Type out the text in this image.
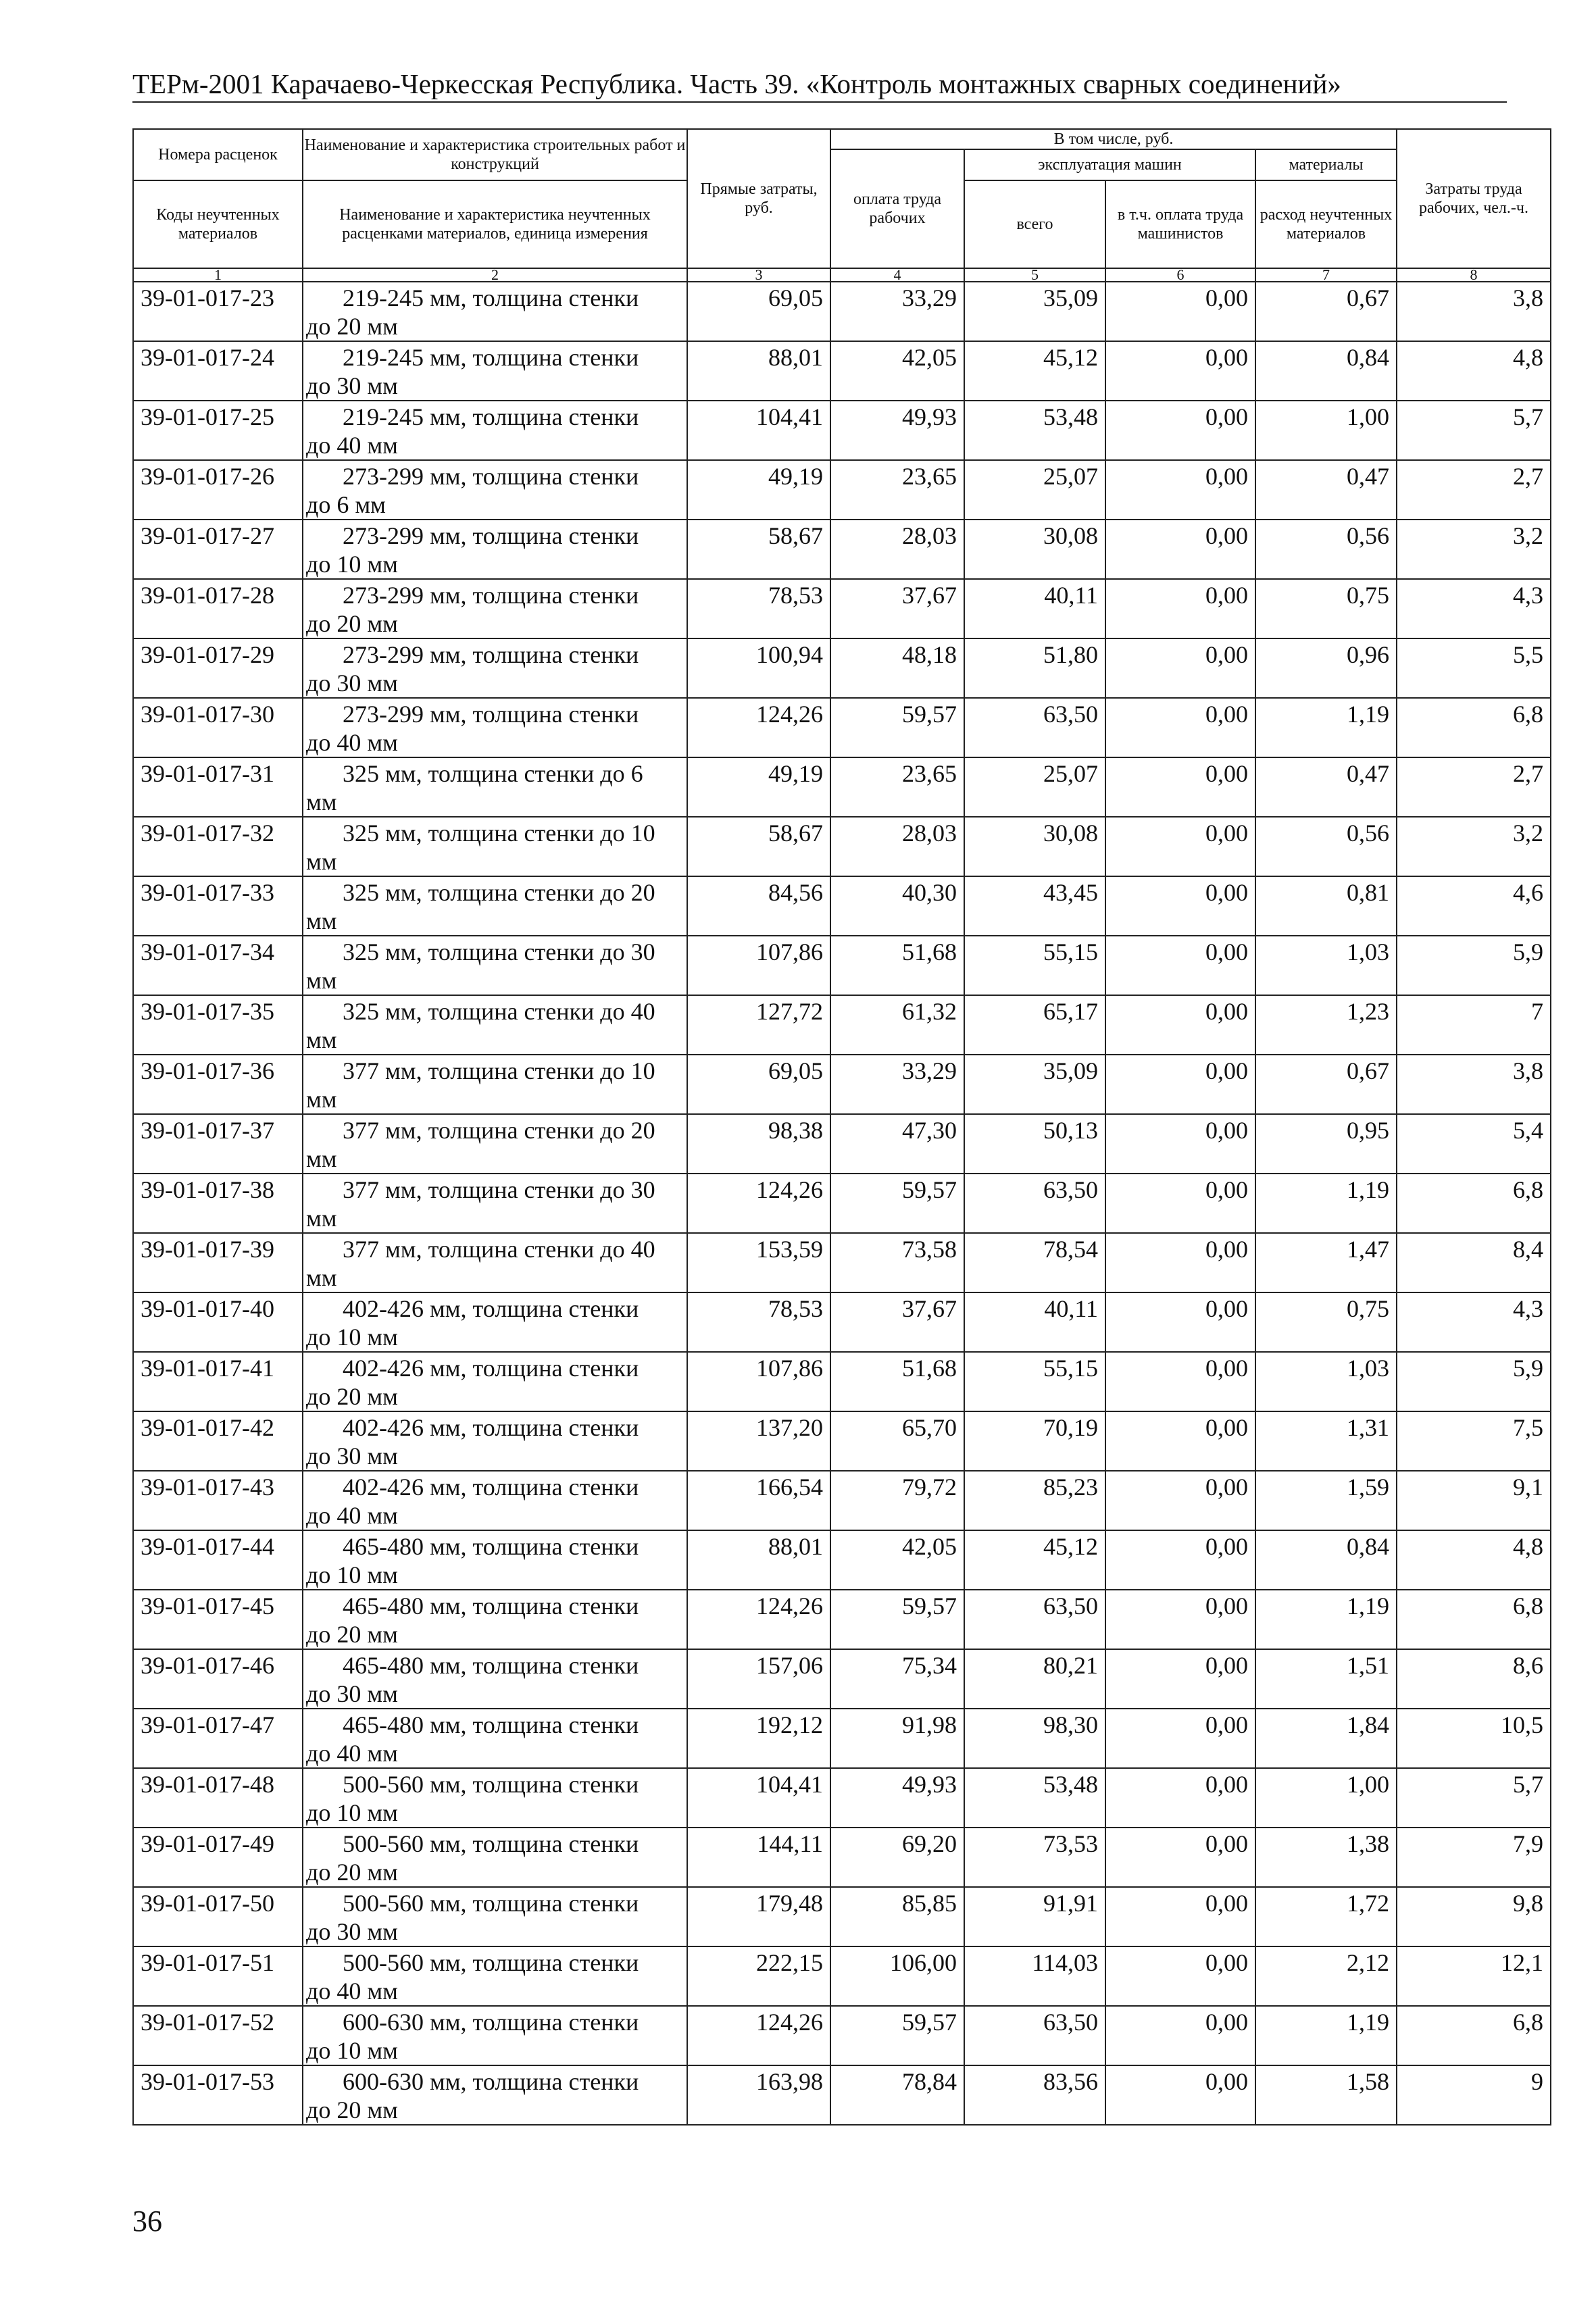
ТЕРм-2001 Карачаево-Черкесская Республика. Часть 39. «Контроль монтажных сварных соединений»
Номера расценок	Наименование и характеристика строительных работ и конструкций	Прямые затраты, руб.	В том числе, руб.				Затраты труда рабочих, чел.-ч.
			оплата труда рабочих	эксплуатация машин		материалы	
Коды неучтенных материалов	Наименование и характеристика неучтенных расценками материалов, единица измерения			всего	в т.ч. оплата труда машинистов	расход неучтенных материалов	
1	2	3	4	5	6	7	8
39-01-017-23	219-245 мм, толщина стенки
до 20 мм	69,05	33,29	35,09	0,00	0,67	3,8
39-01-017-24	219-245 мм, толщина стенки
до 30 мм	88,01	42,05	45,12	0,00	0,84	4,8
39-01-017-25	219-245 мм, толщина стенки
до 40 мм	104,41	49,93	53,48	0,00	1,00	5,7
39-01-017-26	273-299 мм, толщина стенки
до 6 мм	49,19	23,65	25,07	0,00	0,47	2,7
39-01-017-27	273-299 мм, толщина стенки
до 10 мм	58,67	28,03	30,08	0,00	0,56	3,2
39-01-017-28	273-299 мм, толщина стенки
до 20 мм	78,53	37,67	40,11	0,00	0,75	4,3
39-01-017-29	273-299 мм, толщина стенки
до 30 мм	100,94	48,18	51,80	0,00	0,96	5,5
39-01-017-30	273-299 мм, толщина стенки
до 40 мм	124,26	59,57	63,50	0,00	1,19	6,8
39-01-017-31	325 мм, толщина стенки до 6
мм	49,19	23,65	25,07	0,00	0,47	2,7
39-01-017-32	325 мм, толщина стенки до 10
мм	58,67	28,03	30,08	0,00	0,56	3,2
39-01-017-33	325 мм, толщина стенки до 20
мм	84,56	40,30	43,45	0,00	0,81	4,6
39-01-017-34	325 мм, толщина стенки до 30
мм	107,86	51,68	55,15	0,00	1,03	5,9
39-01-017-35	325 мм, толщина стенки до 40
мм	127,72	61,32	65,17	0,00	1,23	7
39-01-017-36	377 мм, толщина стенки до 10
мм	69,05	33,29	35,09	0,00	0,67	3,8
39-01-017-37	377 мм, толщина стенки до 20
мм	98,38	47,30	50,13	0,00	0,95	5,4
39-01-017-38	377 мм, толщина стенки до 30
мм	124,26	59,57	63,50	0,00	1,19	6,8
39-01-017-39	377 мм, толщина стенки до 40
мм	153,59	73,58	78,54	0,00	1,47	8,4
39-01-017-40	402-426 мм, толщина стенки
до 10 мм	78,53	37,67	40,11	0,00	0,75	4,3
39-01-017-41	402-426 мм, толщина стенки
до 20 мм	107,86	51,68	55,15	0,00	1,03	5,9
39-01-017-42	402-426 мм, толщина стенки
до 30 мм	137,20	65,70	70,19	0,00	1,31	7,5
39-01-017-43	402-426 мм, толщина стенки
до 40 мм	166,54	79,72	85,23	0,00	1,59	9,1
39-01-017-44	465-480 мм, толщина стенки
до 10 мм	88,01	42,05	45,12	0,00	0,84	4,8
39-01-017-45	465-480 мм, толщина стенки
до 20 мм	124,26	59,57	63,50	0,00	1,19	6,8
39-01-017-46	465-480 мм, толщина стенки
до 30 мм	157,06	75,34	80,21	0,00	1,51	8,6
39-01-017-47	465-480 мм, толщина стенки
до 40 мм	192,12	91,98	98,30	0,00	1,84	10,5
39-01-017-48	500-560 мм, толщина стенки
до 10 мм	104,41	49,93	53,48	0,00	1,00	5,7
39-01-017-49	500-560 мм, толщина стенки
до 20 мм	144,11	69,20	73,53	0,00	1,38	7,9
39-01-017-50	500-560 мм, толщина стенки
до 30 мм	179,48	85,85	91,91	0,00	1,72	9,8
39-01-017-51	500-560 мм, толщина стенки
до 40 мм	222,15	106,00	114,03	0,00	2,12	12,1
39-01-017-52	600-630 мм, толщина стенки
до 10 мм	124,26	59,57	63,50	0,00	1,19	6,8
39-01-017-53	600-630 мм, толщина стенки
до 20 мм	163,98	78,84	83,56	0,00	1,58	9
36
